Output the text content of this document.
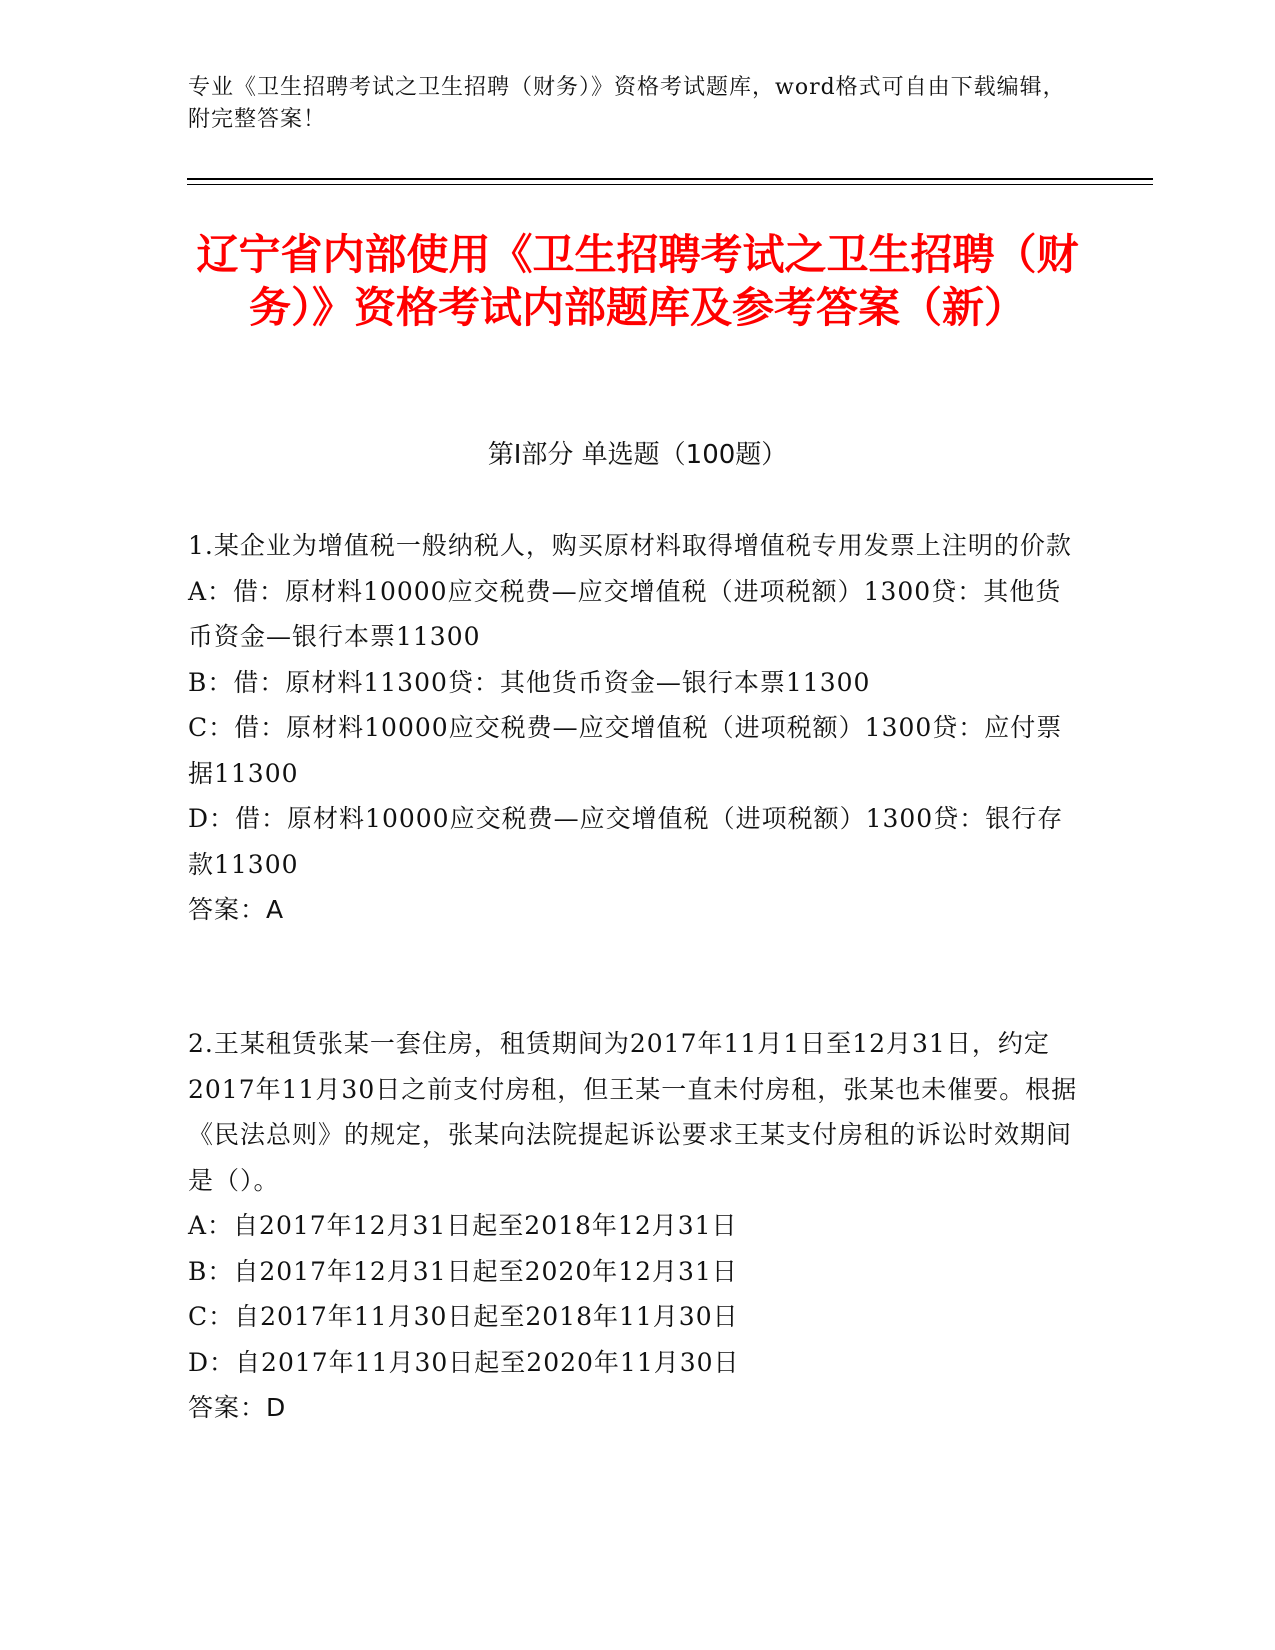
专业《卫生招聘考试之卫生招聘（财务）》资格考试题库，word格式可自由下载编辑，附完整答案！
辽宁省内部使用《卫生招聘考试之卫生招聘（财务）》资格考试内部题库及参考答案（新）
第Ⅰ部分 单选题（100题）

1.某企业为增值税一般纳税人，购买原材料取得增值税专用发票上注明的价款

A：借：原材料10000应交税费—应交增值税（进项税额）1300贷：其他货币资金—银行本票11300

B：借：原材料11300贷：其他货币资金—银行本票11300

C：借：原材料10000应交税费—应交增值税（进项税额）1300贷：应付票据11300

D：借：原材料10000应交税费—应交增值税（进项税额）1300贷：银行存款11300

答案：A

2.王某租赁张某一套住房，租赁期间为2017年11月1日至12月31日，约定2017年11月30日之前支付房租，但王某一直未付房租，张某也未催要。根据《民法总则》的规定，张某向法院提起诉讼要求王某支付房租的诉讼时效期间是（）。

A：自2017年12月31日起至2018年12月31日

B：自2017年12月31日起至2020年12月31日

C：自2017年11月30日起至2018年11月30日

D：自2017年11月30日起至2020年11月30日

答案：D
